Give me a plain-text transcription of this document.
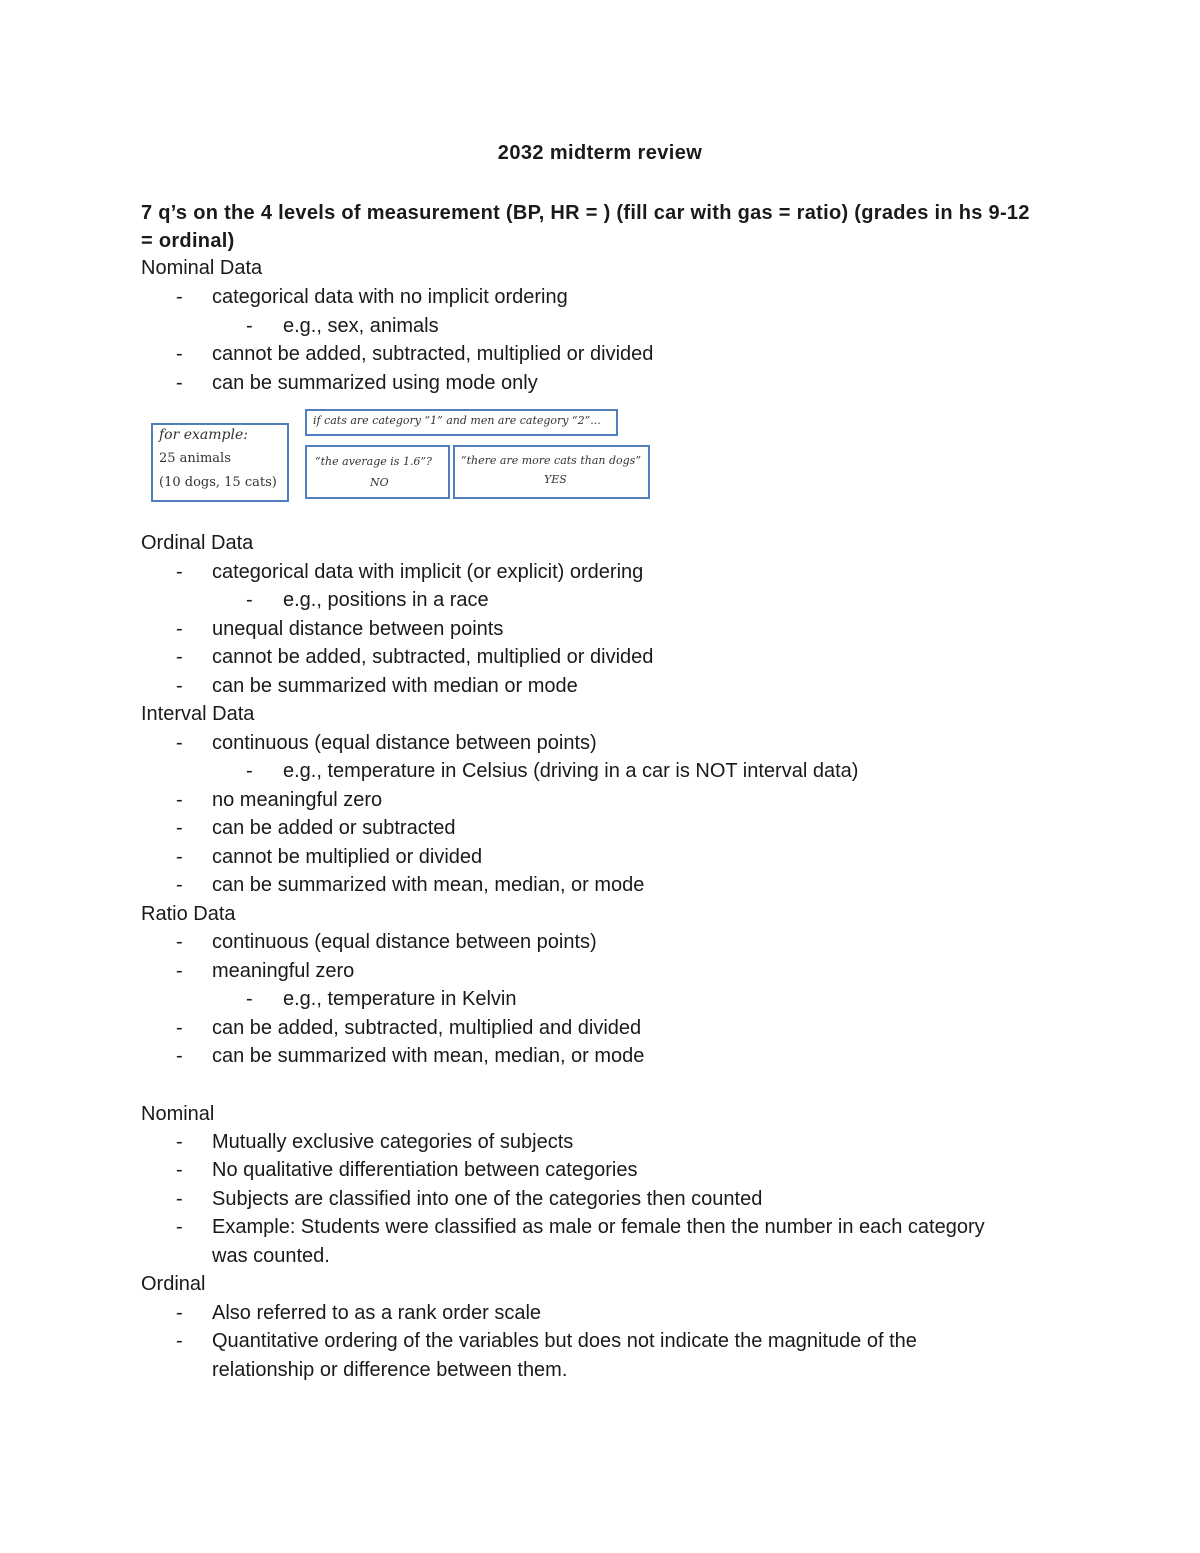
2032 midterm review
7 q’s on the 4 levels of measurement (BP, HR = ) (fill car with gas = ratio) (grades in hs 9-12 = ordinal)
Nominal Data
- categorical data with no implicit ordering
- e.g., sex, animals
- cannot be added, subtracted, multiplied or divided
- can be summarized using mode only
for example:
25 animals
(10 dogs, 15 cats)
if cats are category “1” and men are category “2”...
“the average is 1.6”?
NO
“there are more cats than dogs”
YES
Ordinal Data
- categorical data with implicit (or explicit) ordering
- e.g., positions in a race
- unequal distance between points
- cannot be added, subtracted, multiplied or divided
- can be summarized with median or mode
Interval Data
- continuous (equal distance between points)
- e.g., temperature in Celsius (driving in a car is NOT interval data)
- no meaningful zero
- can be added or subtracted
- cannot be multiplied or divided
- can be summarized with mean, median, or mode
Ratio Data
- continuous (equal distance between points)
- meaningful zero
- e.g., temperature in Kelvin
- can be added, subtracted, multiplied and divided
- can be summarized with mean, median, or mode
Nominal
- Mutually exclusive categories of subjects
- No qualitative differentiation between categories
- Subjects are classified into one of the categories then counted
- Example: Students were classified as male or female then the number in each category
was counted.
Ordinal
- Also referred to as a rank order scale
- Quantitative ordering of the variables but does not indicate the magnitude of the
relationship or difference between them.
